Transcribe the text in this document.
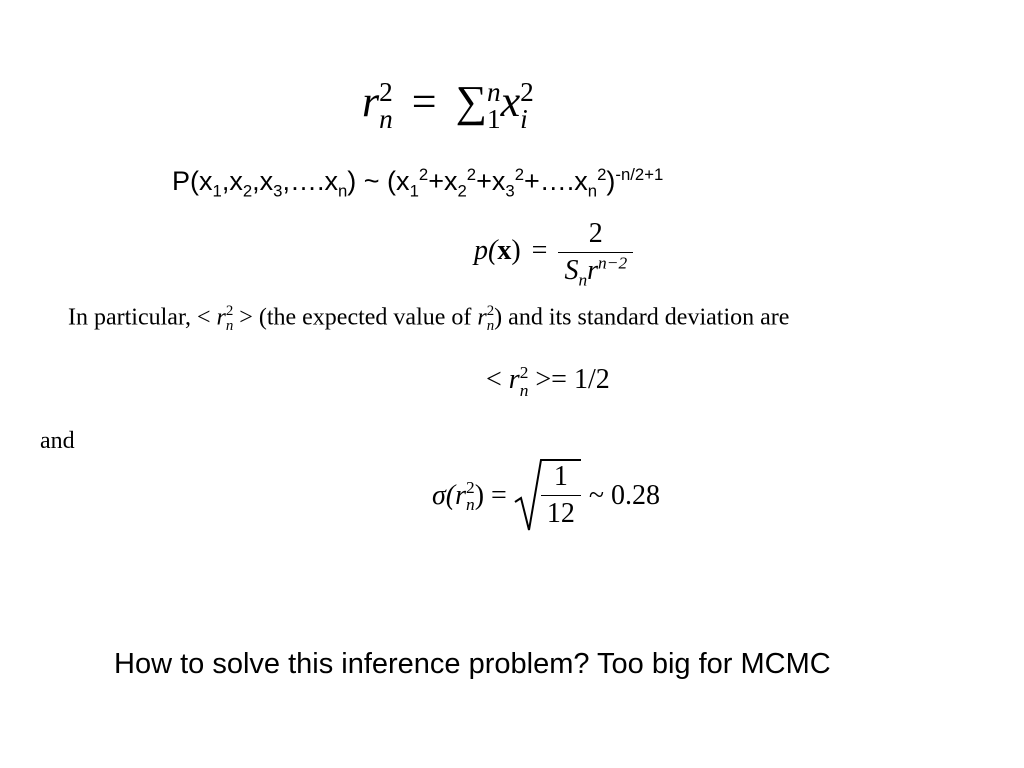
r 2
n = ∑ n
1 x 2
i
$P(x_1,x_2,x_3,\dots.x_n)$ ~ $(x_1^2+x_2^2+x_3^2+\dots.x_n^2)^{-n/2+1}$
$p(x) = \frac{2}{S_nr^{n-2}}$
In particular, < r 2
n > (the expected value of r 2
n ) and its standard deviation are
< r 2
n >= 1/2
and
σ( r 2
n ) = $\frac{1}{12}$ ~ 0.28
How to solve this inference problem? Too big for MCMC
